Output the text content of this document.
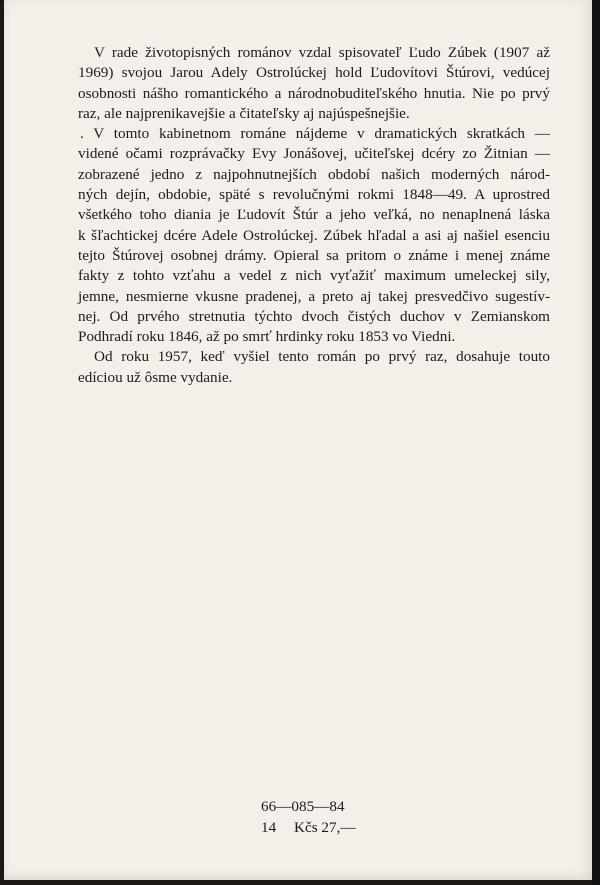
V rade životopisných románov vzdal spisovateľ Ľudo Zúbek (1907 až
1969) svojou Jarou Adely Ostrolúckej hold Ľudovítovi Štúrovi, vedúcej
osobnosti nášho romantického a národnobuditeľského hnutia. Nie po prvý
raz, ale najprenikavejšie a čitateľsky aj najúspešnejšie.

. V tomto kabinetnom románe nájdeme v dramatických skratkách —
videné očami rozprávačky Evy Jonášovej, učiteľskej dcéry zo Žitnian —
zobrazené jedno z najpohnutnejších období našich moderných národ-
ných dejín, obdobie, späté s revolučnými rokmi 1848—49. A uprostred
všetkého toho diania je Ľudovít Štúr a jeho veľká, no nenaplnená láska
k šľachtickej dcére Adele Ostrolúckej. Zúbek hľadal a asi aj našiel esenciu
tejto Štúrovej osobnej drámy. Opieral sa pritom o známe i menej známe
fakty z tohto vzťahu a vedel z nich vyťažiť maximum umeleckej sily,
jemne, nesmierne vkusne pradenej, a preto aj takej presvedčivo sugestív-
nej. Od prvého stretnutia týchto dvoch čistých duchov v Zemianskom
Podhradí roku 1846, až po smrť hrdinky roku 1853 vo Viedni.

Od roku 1957, keď vyšiel tento román po prvý raz, dosahuje touto
edíciou už ôsme vydanie.

66—085—84
14 Kčs 27,—
